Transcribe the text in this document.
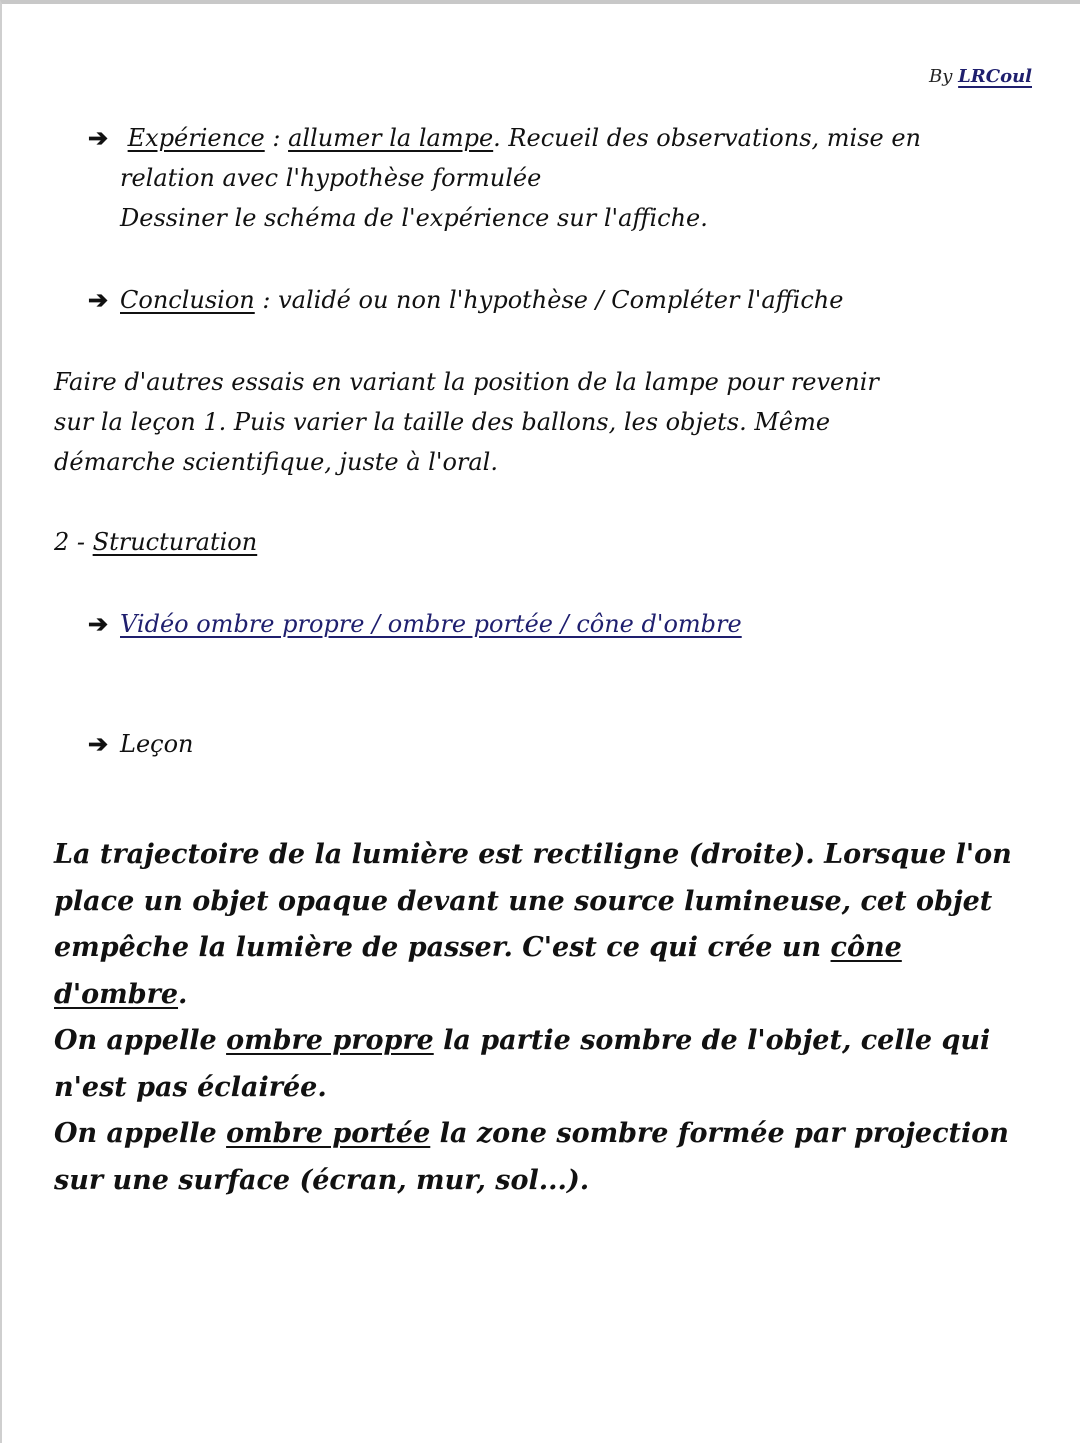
By LRCoul
➔ Expérience : allumer la lampe. Recueil des observations, mise en
relation avec l'hypothèse formulée
Dessiner le schéma de l'expérience sur l'affiche.
➔ Conclusion : validé ou non l'hypothèse / Compléter l'affiche
Faire d'autres essais en variant la position de la lampe pour revenir
sur la leçon 1. Puis varier la taille des ballons, les objets. Même
démarche scientifique, juste à l'oral.
2 - Structuration
➔ Vidéo ombre propre / ombre portée / cône d'ombre
➔ Leçon
La trajectoire de la lumière est rectiligne (droite). Lorsque l'on
place un objet opaque devant une source lumineuse, cet objet
empêche la lumière de passer. C'est ce qui crée un cône
d'ombre.
On appelle ombre propre la partie sombre de l'objet, celle qui
n'est pas éclairée.
On appelle ombre portée la zone sombre formée par projection
sur une surface (écran, mur, sol...).
